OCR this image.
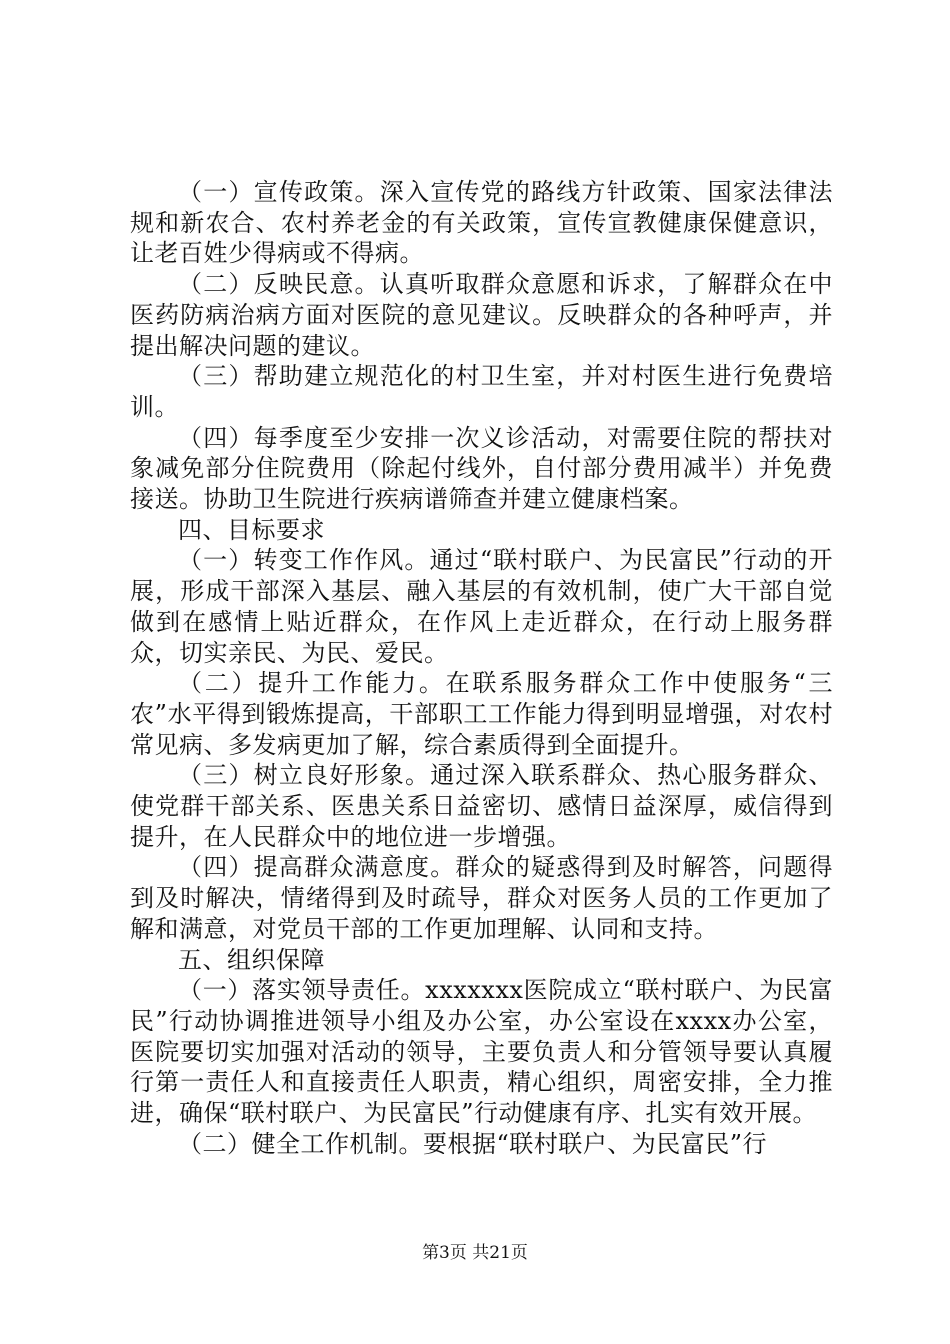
（一）宣传政策。深入宣传党的路线方针政策、国家法律法规和新农合、农村养老金的有关政策，宣传宣教健康保健意识，让老百姓少得病或不得病。

（二）反映民意。认真听取群众意愿和诉求，了解群众在中医药防病治病方面对医院的意见建议。反映群众的各种呼声，并提出解决问题的建议。

（三）帮助建立规范化的村卫生室，并对村医生进行免费培训。

（四）每季度至少安排一次义诊活动，对需要住院的帮扶对象减免部分住院费用（除起付线外，自付部分费用减半）并免费接送。协助卫生院进行疾病谱筛查并建立健康档案。

四、目标要求

（一）转变工作作风。通过“联村联户、为民富民”行动的开展，形成干部深入基层、融入基层的有效机制，使广大干部自觉做到在感情上贴近群众，在作风上走近群众，在行动上服务群众，切实亲民、为民、爱民。

（二）提升工作能力。在联系服务群众工作中使服务“三农”水平得到锻炼提高，干部职工工作能力得到明显增强，对农村常见病、多发病更加了解，综合素质得到全面提升。

（三）树立良好形象。通过深入联系群众、热心服务群众、使党群干部关系、医患关系日益密切、感情日益深厚，威信得到提升，在人民群众中的地位进一步增强。

（四）提高群众满意度。群众的疑惑得到及时解答，问题得到及时解决，情绪得到及时疏导，群众对医务人员的工作更加了解和满意，对党员干部的工作更加理解、认同和支持。

五、组织保障

（一）落实领导责任。xxxxxxx医院成立“联村联户、为民富民”行动协调推进领导小组及办公室，办公室设在xxxx办公室，医院要切实加强对活动的领导，主要负责人和分管领导要认真履行第一责任人和直接责任人职责，精心组织，周密安排，全力推进，确保“联村联户、为民富民”行动健康有序、扎实有效开展。

（二）健全工作机制。要根据“联村联户、为民富民”行

第3页 共21页
